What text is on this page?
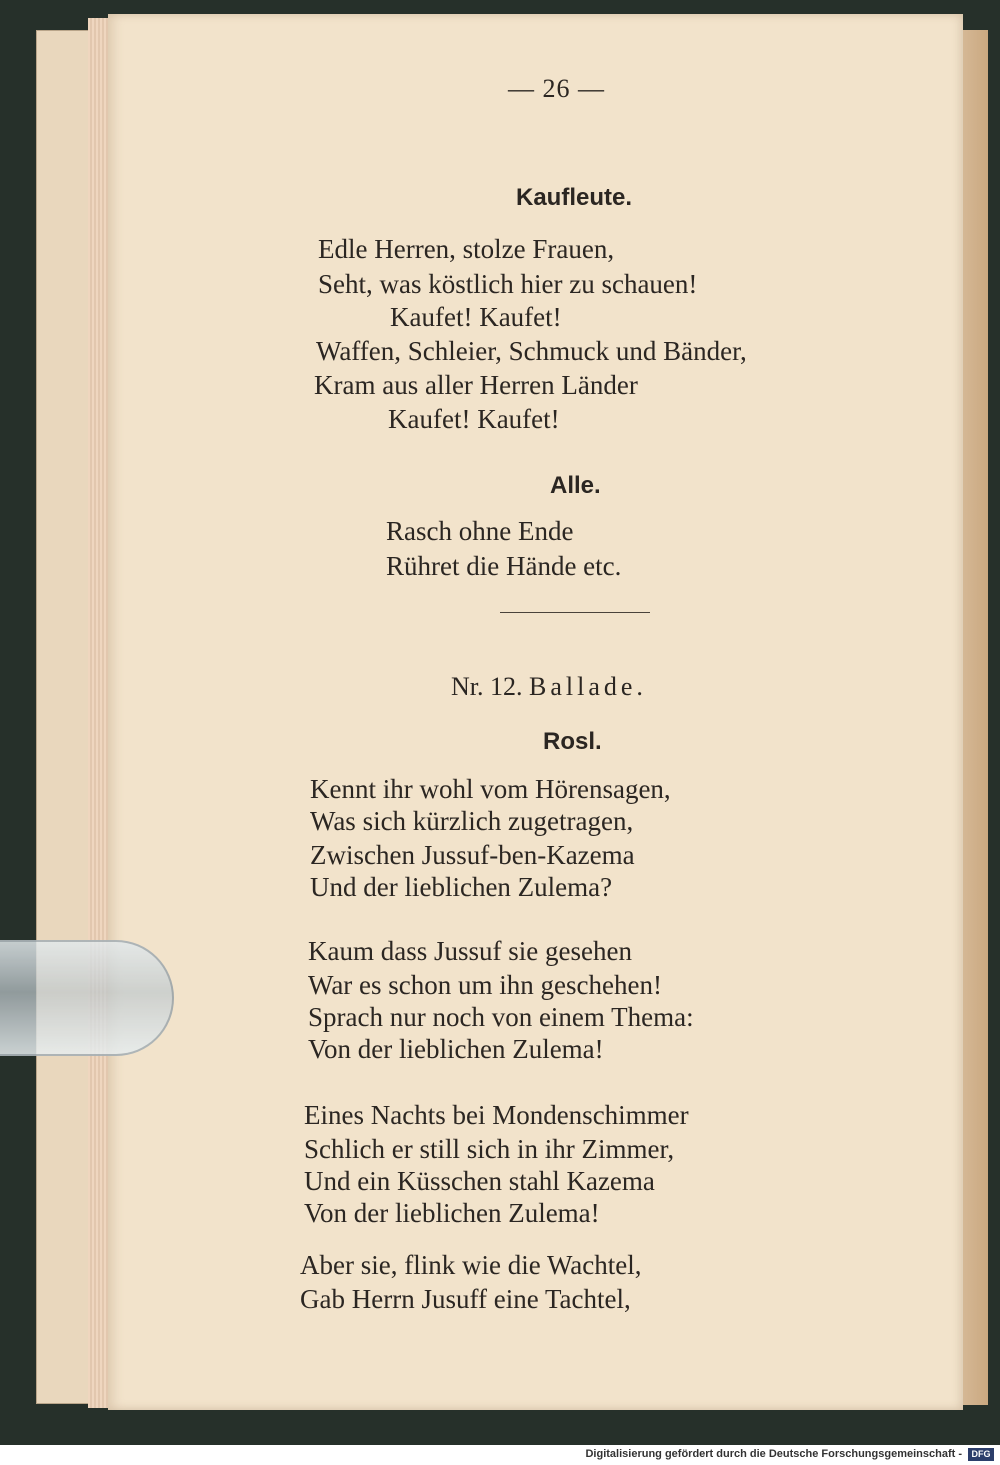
— 26 —
Kaufleute.
Edle Herren, stolze Frauen,
Seht, was köstlich hier zu schauen!
Kaufet! Kaufet!
Waffen, Schleier, Schmuck und Bänder,
Kram aus aller Herren Länder
Kaufet! Kaufet!
Alle.
Rasch ohne Ende
Rühret die Hände etc.
Nr. 12. Ballade.
Rosl.
Kennt ihr wohl vom Hörensagen,
Was sich kürzlich zugetragen,
Zwischen Jussuf-ben-Kazema
Und der lieblichen Zulema?
Kaum dass Jussuf sie gesehen
War es schon um ihn geschehen!
Sprach nur noch von einem Thema:
Von der lieblichen Zulema!
Eines Nachts bei Mondenschimmer
Schlich er still sich in ihr Zimmer,
Und ein Küsschen stahl Kazema
Von der lieblichen Zulema!
Aber sie, flink wie die Wachtel,
Gab Herrn Jusuff eine Tachtel,
Digitalisierung gefördert durch die Deutsche Forschungsgemeinschaft -	DFG
